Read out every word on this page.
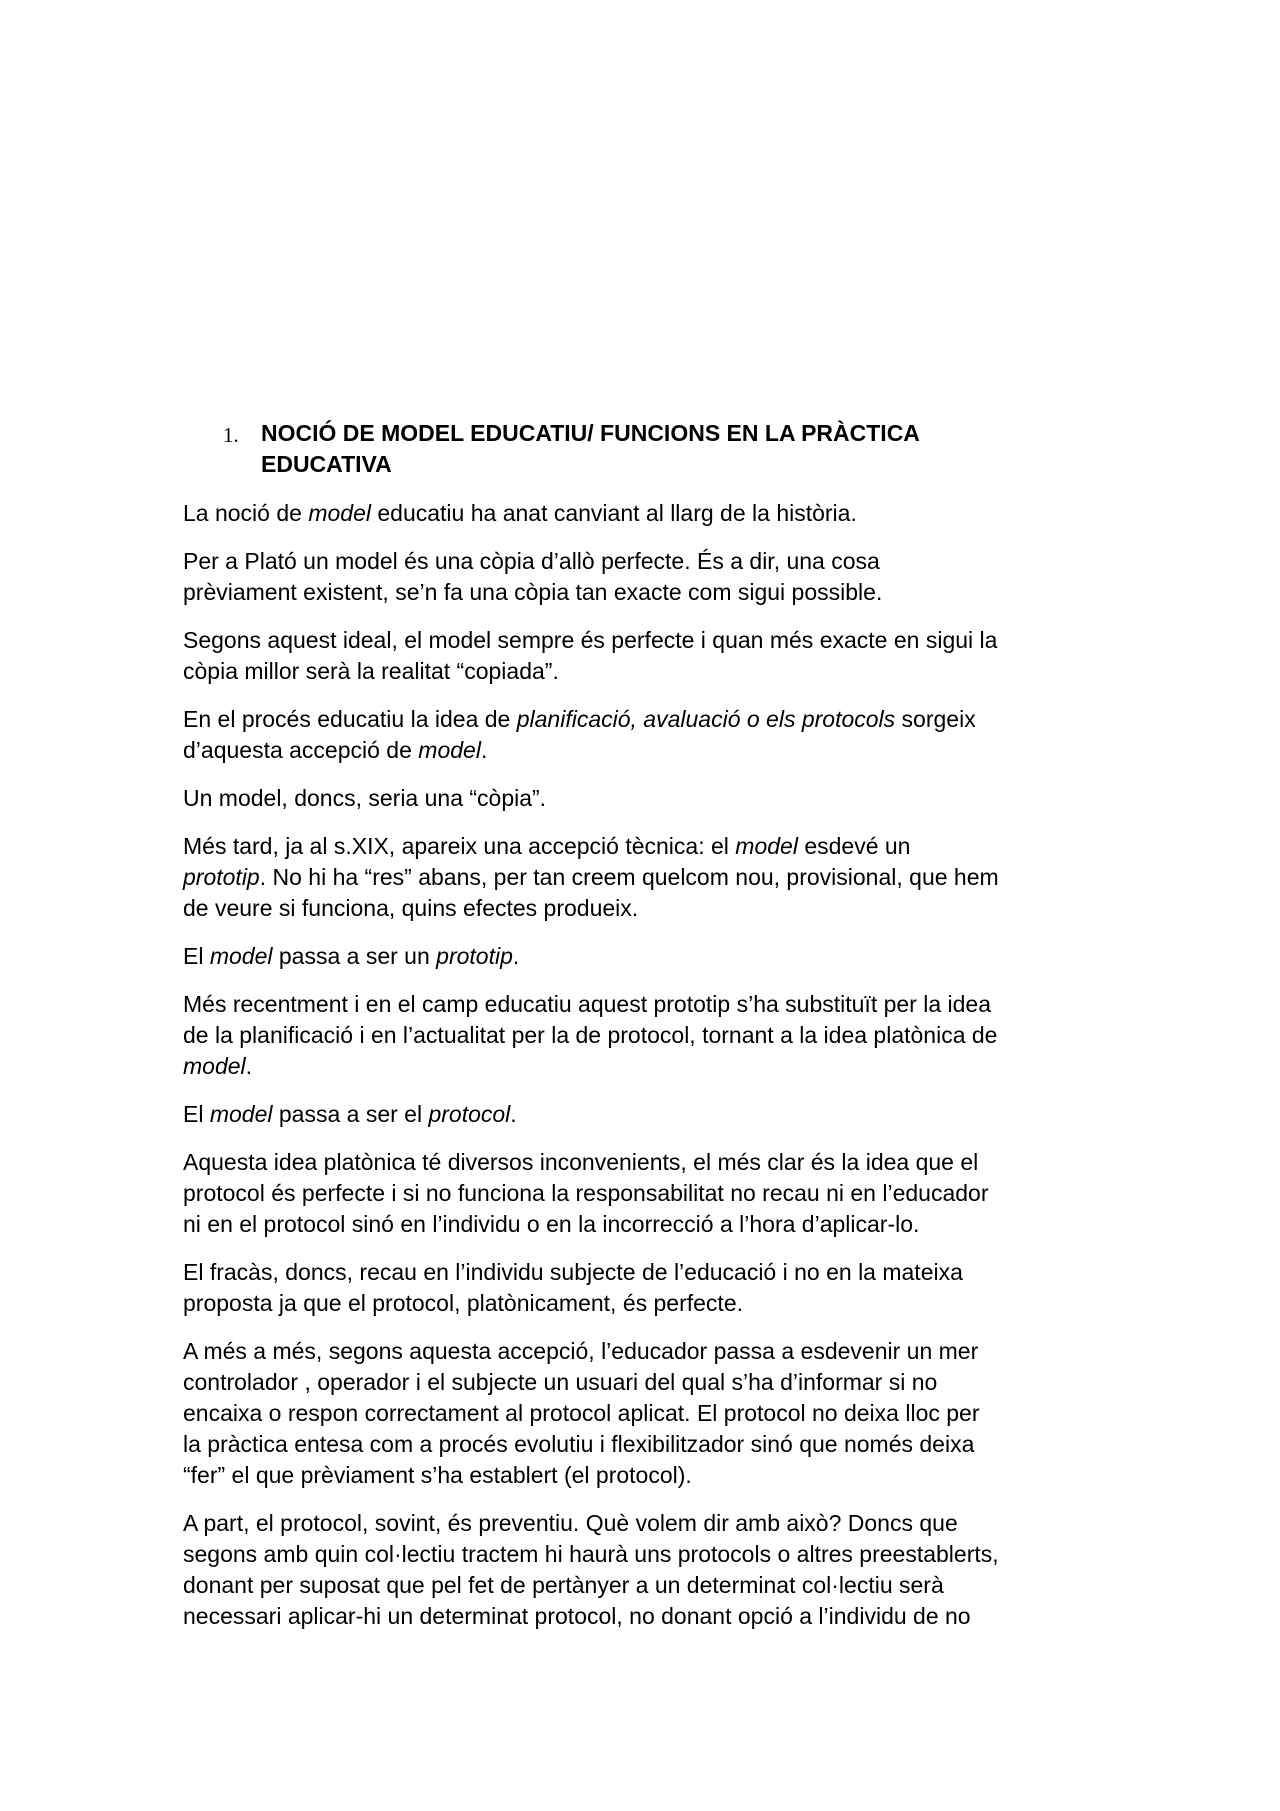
1. NOCIÓ DE MODEL EDUCATIU/ FUNCIONS EN LA PRÀCTICA
EDUCATIVA

La noció de model educatiu ha anat canviant al llarg de la història.

Per a Plató un model és una còpia d’allò perfecte. És a dir, una cosa
prèviament existent, se’n fa una còpia tan exacte com sigui possible.

Segons aquest ideal, el model sempre és perfecte i quan més exacte en sigui la
còpia millor serà la realitat “copiada”.

En el procés educatiu la idea de planificació, avaluació o els protocols sorgeix
d’aquesta accepció de model.

Un model, doncs, seria una “còpia”.

Més tard, ja al s.XIX, apareix una accepció tècnica: el model esdevé un
prototip. No hi ha “res” abans, per tan creem quelcom nou, provisional, que hem
de veure si funciona, quins efectes produeix.

El model passa a ser un prototip.

Més recentment i en el camp educatiu aquest prototip s’ha substituït per la idea
de la planificació i en l’actualitat per la de protocol, tornant a la idea platònica de
model.

El model passa a ser el protocol.

Aquesta idea platònica té diversos inconvenients, el més clar és la idea que el
protocol és perfecte i si no funciona la responsabilitat no recau ni en l’educador
ni en el protocol sinó en l’individu o en la incorrecció a l’hora d’aplicar-lo.

El fracàs, doncs, recau en l’individu subjecte de l’educació i no en la mateixa
proposta ja que el protocol, platònicament, és perfecte.

A més a més, segons aquesta accepció, l’educador passa a esdevenir un mer
controlador , operador i el subjecte un usuari del qual s’ha d’informar si no
encaixa o respon correctament al protocol aplicat. El protocol no deixa lloc per
la pràctica entesa com a procés evolutiu i flexibilitzador sinó que només deixa
“fer” el que prèviament s’ha establert (el protocol).

A part, el protocol, sovint, és preventiu. Què volem dir amb això? Doncs que
segons amb quin col·lectiu tractem hi haurà uns protocols o altres preestablerts,
donant per suposat que pel fet de pertànyer a un determinat col·lectiu serà
necessari aplicar-hi un determinat protocol, no donant opció a l’individu de no
